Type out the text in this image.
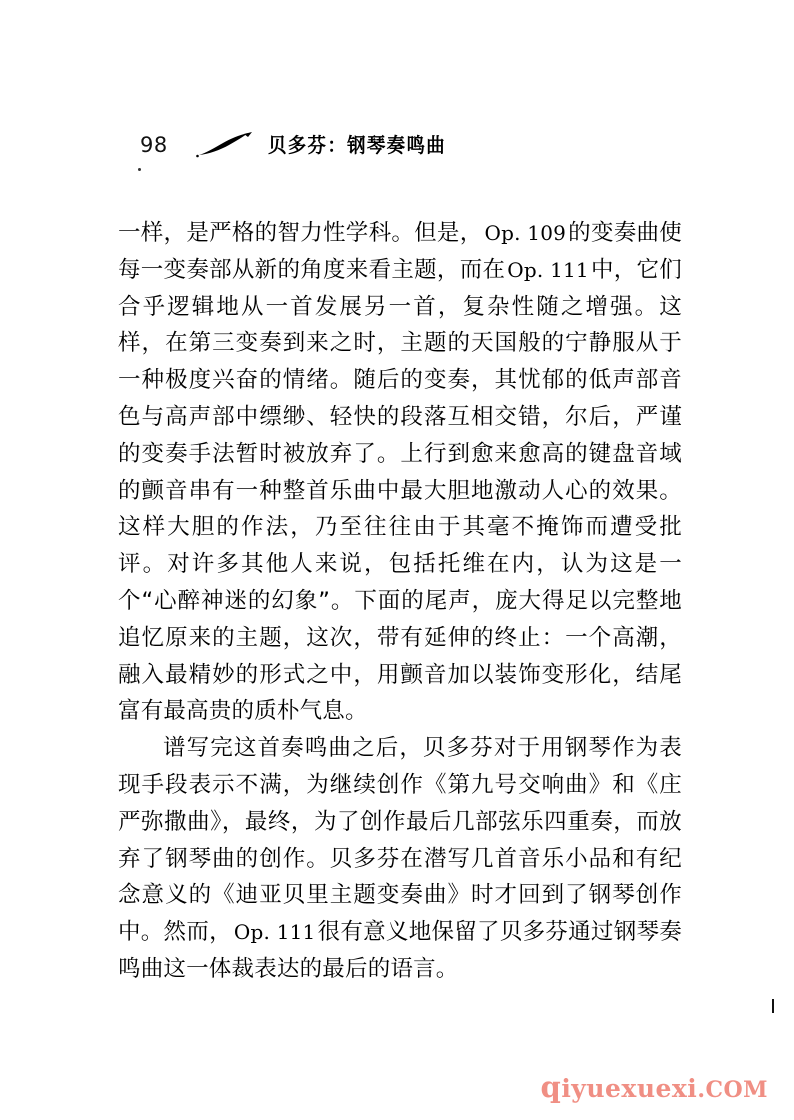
98	贝多芬：钢琴奏鸣曲

一样，是严格的智力性学科。但是， Op. 109的变奏曲使每一变奏部从新的角度来看主题，而在 Op. 111中，它们合乎逻辑地从一首发展另一首，复杂性随之增强。这样，在第三变奏到来之时，主题的天国般的宁静服从于一种极度兴奋的情绪。随后的变奏，其忧郁的低声部音色与高声部中缥缈、轻快的段落互相交错，尔后，严谨的变奏手法暂时被放弃了。上行到愈来愈高的键盘音域的颤音串有一种整首乐曲中最大胆地激动人心的效果。这样大胆的作法，乃至往往由于其毫不掩饰而遭受批评。对许多其他人来说，包括托维在内，认为这是一个“心醉神迷的幻象”。下面的尾声，庞大得足以完整地追忆原来的主题，这次，带有延伸的终止：一个高潮，融入最精妙的形式之中，用颤音加以装饰变形化，结尾富有最高贵的质朴气息。

谱写完这首奏鸣曲之后，贝多芬对于用钢琴作为表现手段表示不满，为继续创作《第九号交响曲》和《庄严弥撒曲》，最终，为了创作最后几部弦乐四重奏，而放弃了钢琴曲的创作。贝多芬在潜写几首音乐小品和有纪念意义的《迪亚贝里主题变奏曲》时才回到了钢琴创作中。然而， Op. 111很有意义地保留了贝多芬通过钢琴奏鸣曲这一体裁表达的最后的语言。

qiyuexuexi.COM
